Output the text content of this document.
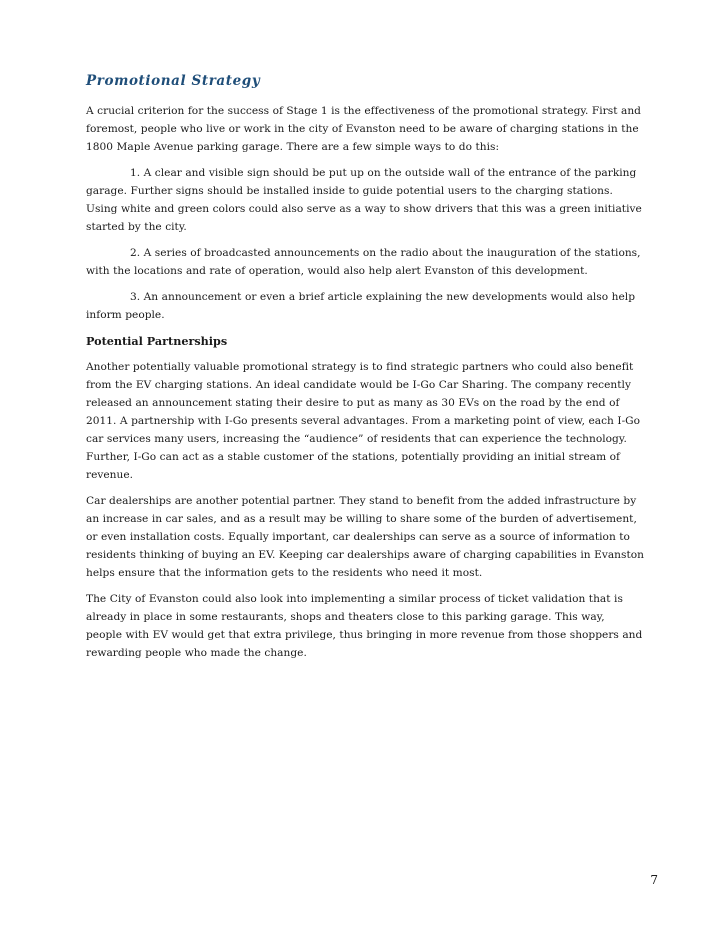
Promotional Strategy

A crucial criterion for the success of Stage 1 is the effectiveness of the promotional strategy. First and foremost, people who live or work in the city of Evanston need to be aware of charging stations in the 1800 Maple Avenue parking garage. There are a few simple ways to do this:

1. A clear and visible sign should be put up on the outside wall of the entrance of the parking garage. Further signs should be installed inside to guide potential users to the charging stations. Using white and green colors could also serve as a way to show drivers that this was a green initiative started by the city.

2. A series of broadcasted announcements on the radio about the inauguration of the stations, with the locations and rate of operation, would also help alert Evanston of this development.

3. An announcement or even a brief article explaining the new developments would also help inform people.

Potential Partnerships

Another potentially valuable promotional strategy is to find strategic partners who could also benefit from the EV charging stations. An ideal candidate would be I-Go Car Sharing. The company recently released an announcement stating their desire to put as many as 30 EVs on the road by the end of 2011. A partnership with I-Go presents several advantages. From a marketing point of view, each I-Go car services many users, increasing the “audience” of residents that can experience the technology. Further, I-Go can act as a stable customer of the stations, potentially providing an initial stream of revenue.

Car dealerships are another potential partner. They stand to benefit from the added infrastructure by an increase in car sales, and as a result may be willing to share some of the burden of advertisement, or even installation costs. Equally important, car dealerships can serve as a source of information to residents thinking of buying an EV. Keeping car dealerships aware of charging capabilities in Evanston helps ensure that the information gets to the residents who need it most.

The City of Evanston could also look into implementing a similar process of ticket validation that is already in place in some restaurants, shops and theaters close to this parking garage. This way, people with EV would get that extra privilege, thus bringing in more revenue from those shoppers and rewarding people who made the change.

7
